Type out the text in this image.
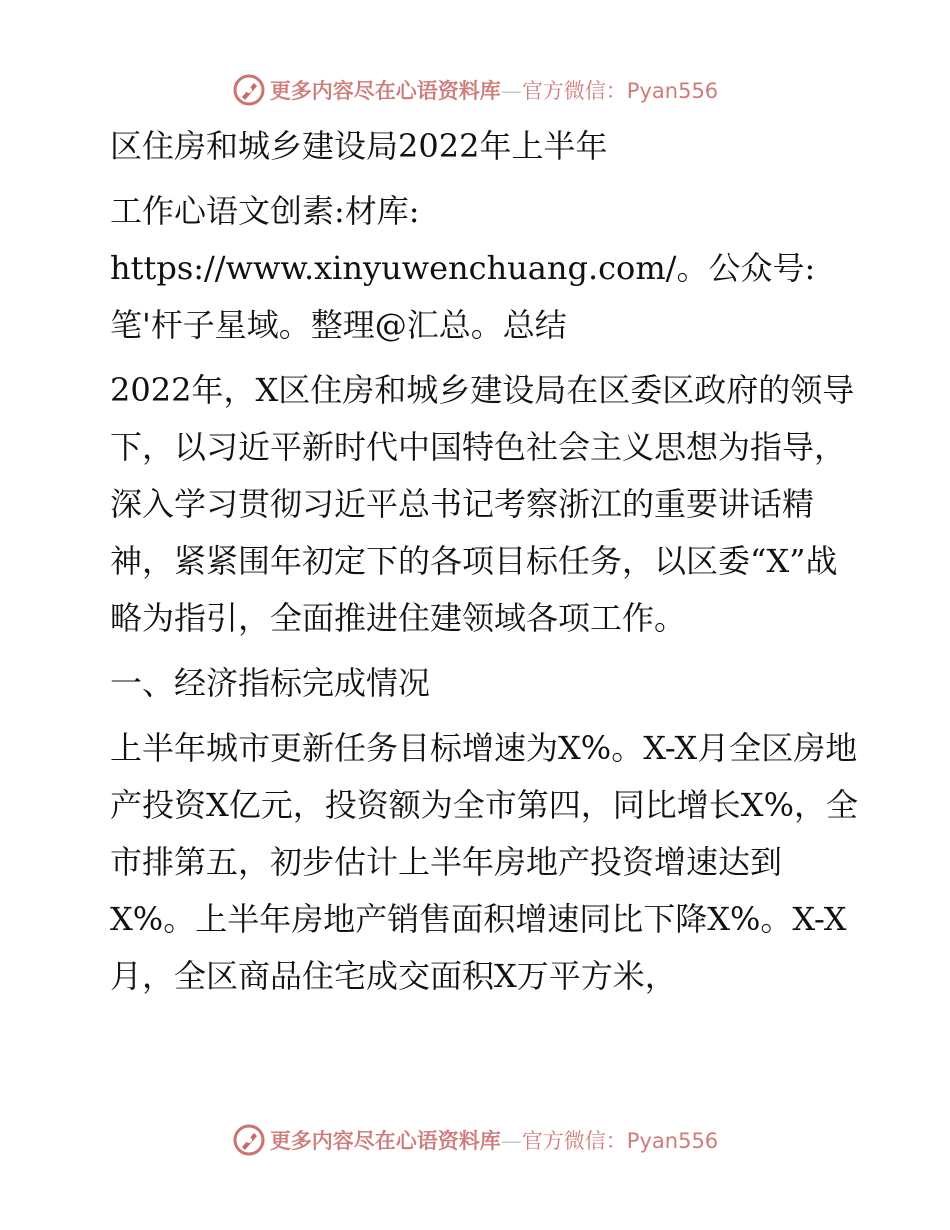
更多内容尽在心语资料库—官方微信：Pyan556

区住房和城乡建设局2022年上半年

工作心语文创素:材库: https://www.xinyuwenchuang.com/。公众号: 笔'杆子星域。整理@汇总。总结

2022年，X区住房和城乡建设局在区委区政府的领导下，以习近平新时代中国特色社会主义思想为指导，深入学习贯彻习近平总书记考察浙江的重要讲话精神，紧紧围年初定下的各项目标任务，以区委“X”战略为指引，全面推进住建领域各项工作。

一、经济指标完成情况

上半年城市更新任务目标增速为X%。X-X月全区房地产投资X亿元，投资额为全市第四，同比增长X%，全市排第五，初步估计上半年房地产投资增速达到X%。上半年房地产销售面积增速同比下降X%。X-X月，全区商品住宅成交面积X万平方米，

更多内容尽在心语资料库—官方微信：Pyan556
